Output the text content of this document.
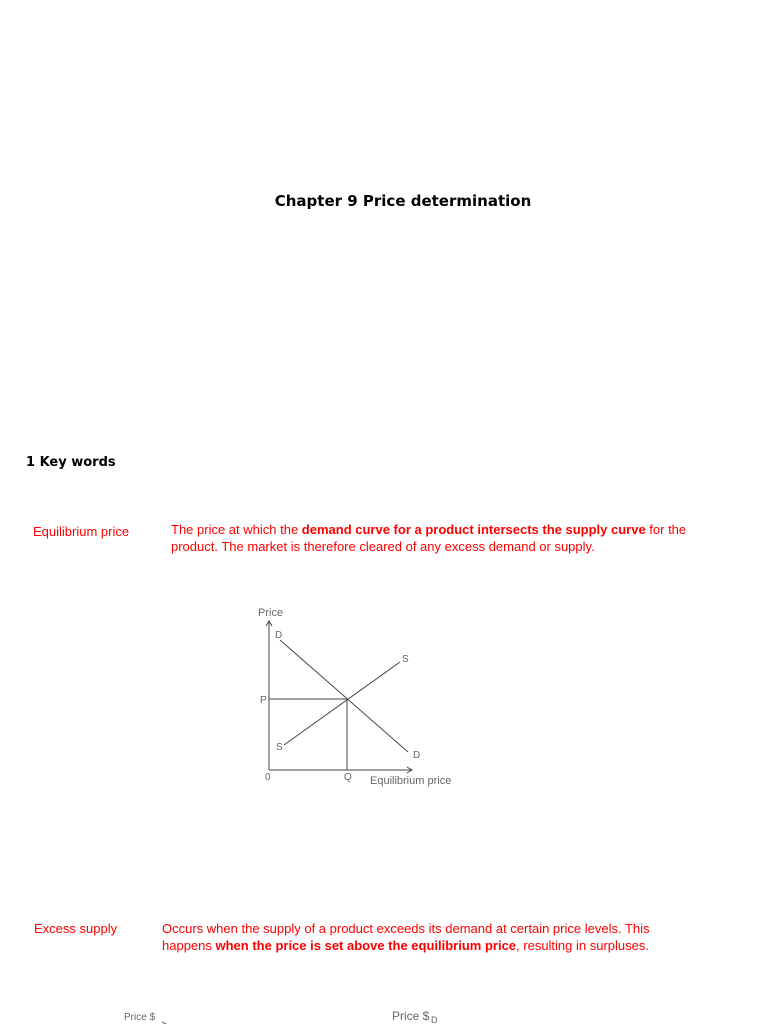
Chapter 9 Price determination
1 Key words
Equilibrium price	The price at which the demand curve for a product intersects the supply curve for the product. The market is therefore cleared of any excess demand or supply.
Price
D
D
S
S
P
0	Q Equilibrium price
Excess supply	Occurs when the supply of a product exceeds its demand at certain price levels. This happens when the price is set above the equilibrium price, resulting in surpluses.
Price $	Price $ D
